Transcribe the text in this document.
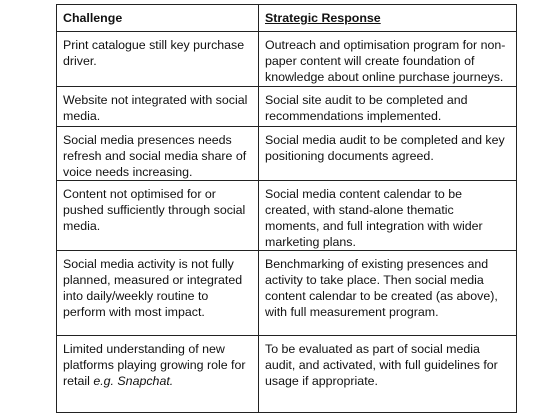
Challenge	Strategic Response
Print catalogue still key purchase driver.	Outreach and optimisation program for non-paper content will create foundation of knowledge about online purchase journeys.
Website not integrated with social media.	Social site audit to be completed and recommendations implemented.
Social media presences needs refresh and social media share of voice needs increasing.	Social media audit to be completed and key positioning documents agreed.
Content not optimised for or pushed sufficiently through social media.	Social media content calendar to be created, with stand-alone thematic moments, and full integration with wider marketing plans.
Social media activity is not fully planned, measured or integrated into daily/weekly routine to perform with most impact.	Benchmarking of existing presences and activity to take place. Then social media content calendar to be created (as above), with full measurement program.
Limited understanding of new platforms playing growing role for retail e.g. Snapchat.	To be evaluated as part of social media audit, and activated, with full guidelines for usage if appropriate.
